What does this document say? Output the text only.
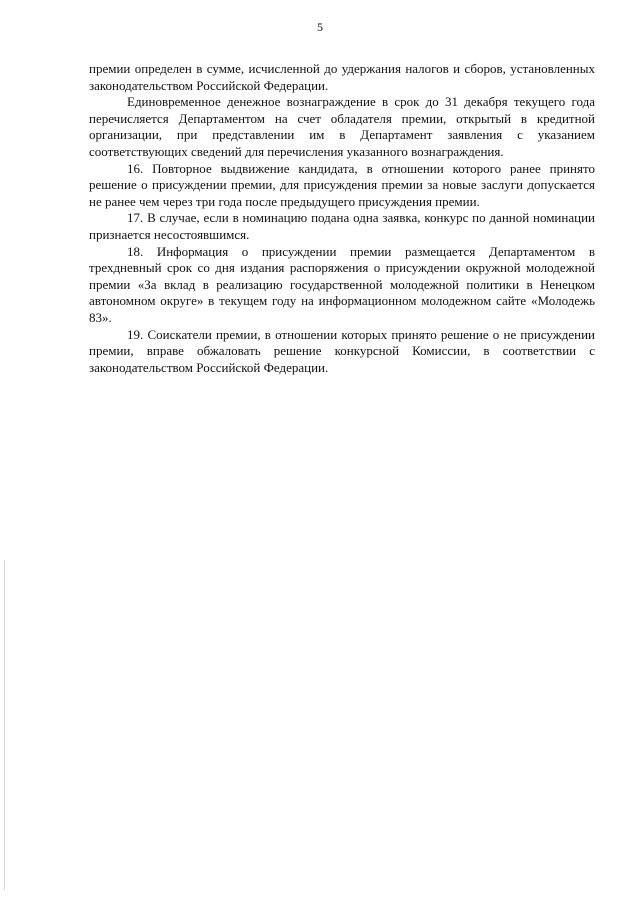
5

премии определен в сумме, исчисленной до удержания налогов и сборов, установленных законодательством Российской Федерации.

Единовременное денежное вознаграждение в срок до 31 декабря текущего года перечисляется Департаментом на счет обладателя премии, открытый в кредитной организации, при представлении им в Департамент заявления с указанием соответствующих сведений для перечисления указанного вознаграждения.

16. Повторное выдвижение кандидата, в отношении которого ранее принято решение о присуждении премии, для присуждения премии за новые заслуги допускается не ранее чем через три года после предыдущего присуждения премии.

17. В случае, если в номинацию подана одна заявка, конкурс по данной номинации признается несостоявшимся.

18. Информация о присуждении премии размещается Департаментом в трехдневный срок со дня издания распоряжения о присуждении окружной молодежной премии «За вклад в реализацию государственной молодежной политики в Ненецком автономном округе» в текущем году на информационном молодежном сайте «Молодежь 83».

19. Соискатели премии, в отношении которых принято решение о не присуждении премии, вправе обжаловать решение конкурсной Комиссии, в соответствии с законодательством Российской Федерации.
